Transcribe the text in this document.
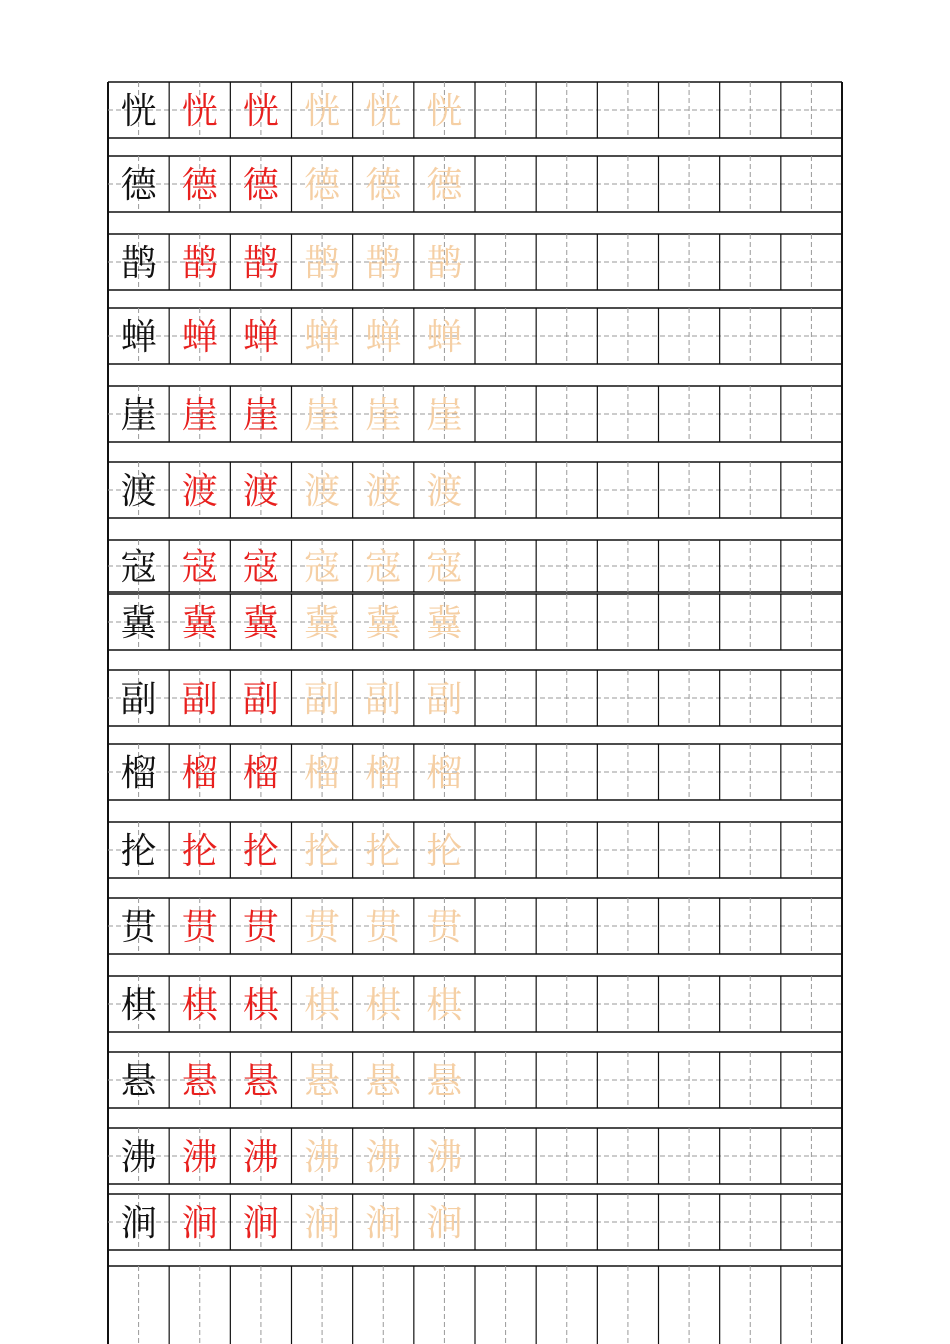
恍 恍 恍 恍 恍 恍
德 德 德 德 德 德
鹊 鹊 鹊 鹊 鹊 鹊
蝉 蝉 蝉 蝉 蝉 蝉
崖 崖 崖 崖 崖 崖
渡 渡 渡 渡 渡 渡
寇 寇 寇 寇 寇 寇
冀 冀 冀 冀 冀 冀
副 副 副 副 副 副
榴 榴 榴 榴 榴 榴
抡 抡 抡 抡 抡 抡
贯 贯 贯 贯 贯 贯
棋 棋 棋 棋 棋 棋
悬 悬 悬 悬 悬 悬
沸 沸 沸 沸 沸 沸
涧 涧 涧 涧 涧 涧
